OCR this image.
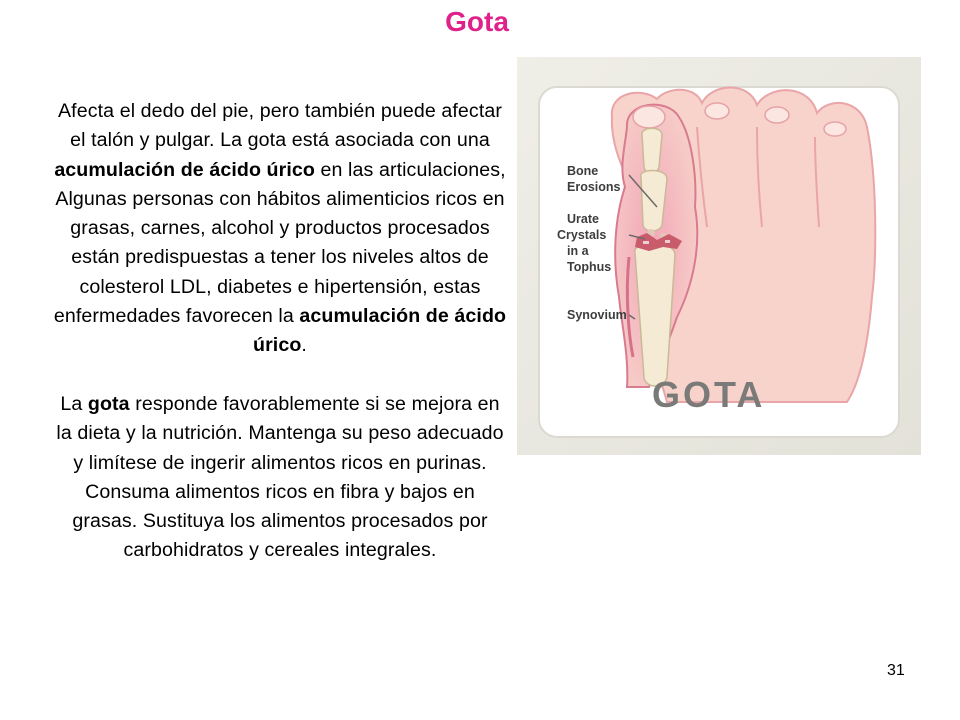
Gota

Afecta el dedo del pie, pero también puede afectar el talón y pulgar. La gota está asociada con una acumulación de ácido úrico en las articulaciones, Algunas personas con hábitos alimenticios ricos en grasas, carnes, alcohol y productos procesados están predispuestas a tener los niveles altos de colesterol LDL, diabetes e hipertensión, estas enfermedades favorecen la acumulación de ácido úrico.

La gota responde favorablemente si se mejora en la dieta y la nutrición. Mantenga su peso adecuado y limítese de ingerir alimentos ricos en purinas. Consuma alimentos ricos en fibra y bajos en grasas. Sustituya los alimentos procesados por carbohidratos y cereales integrales.

Bone
Erosions
Urate
Crystals
in a
Tophus
Synovium
GOTA

31
